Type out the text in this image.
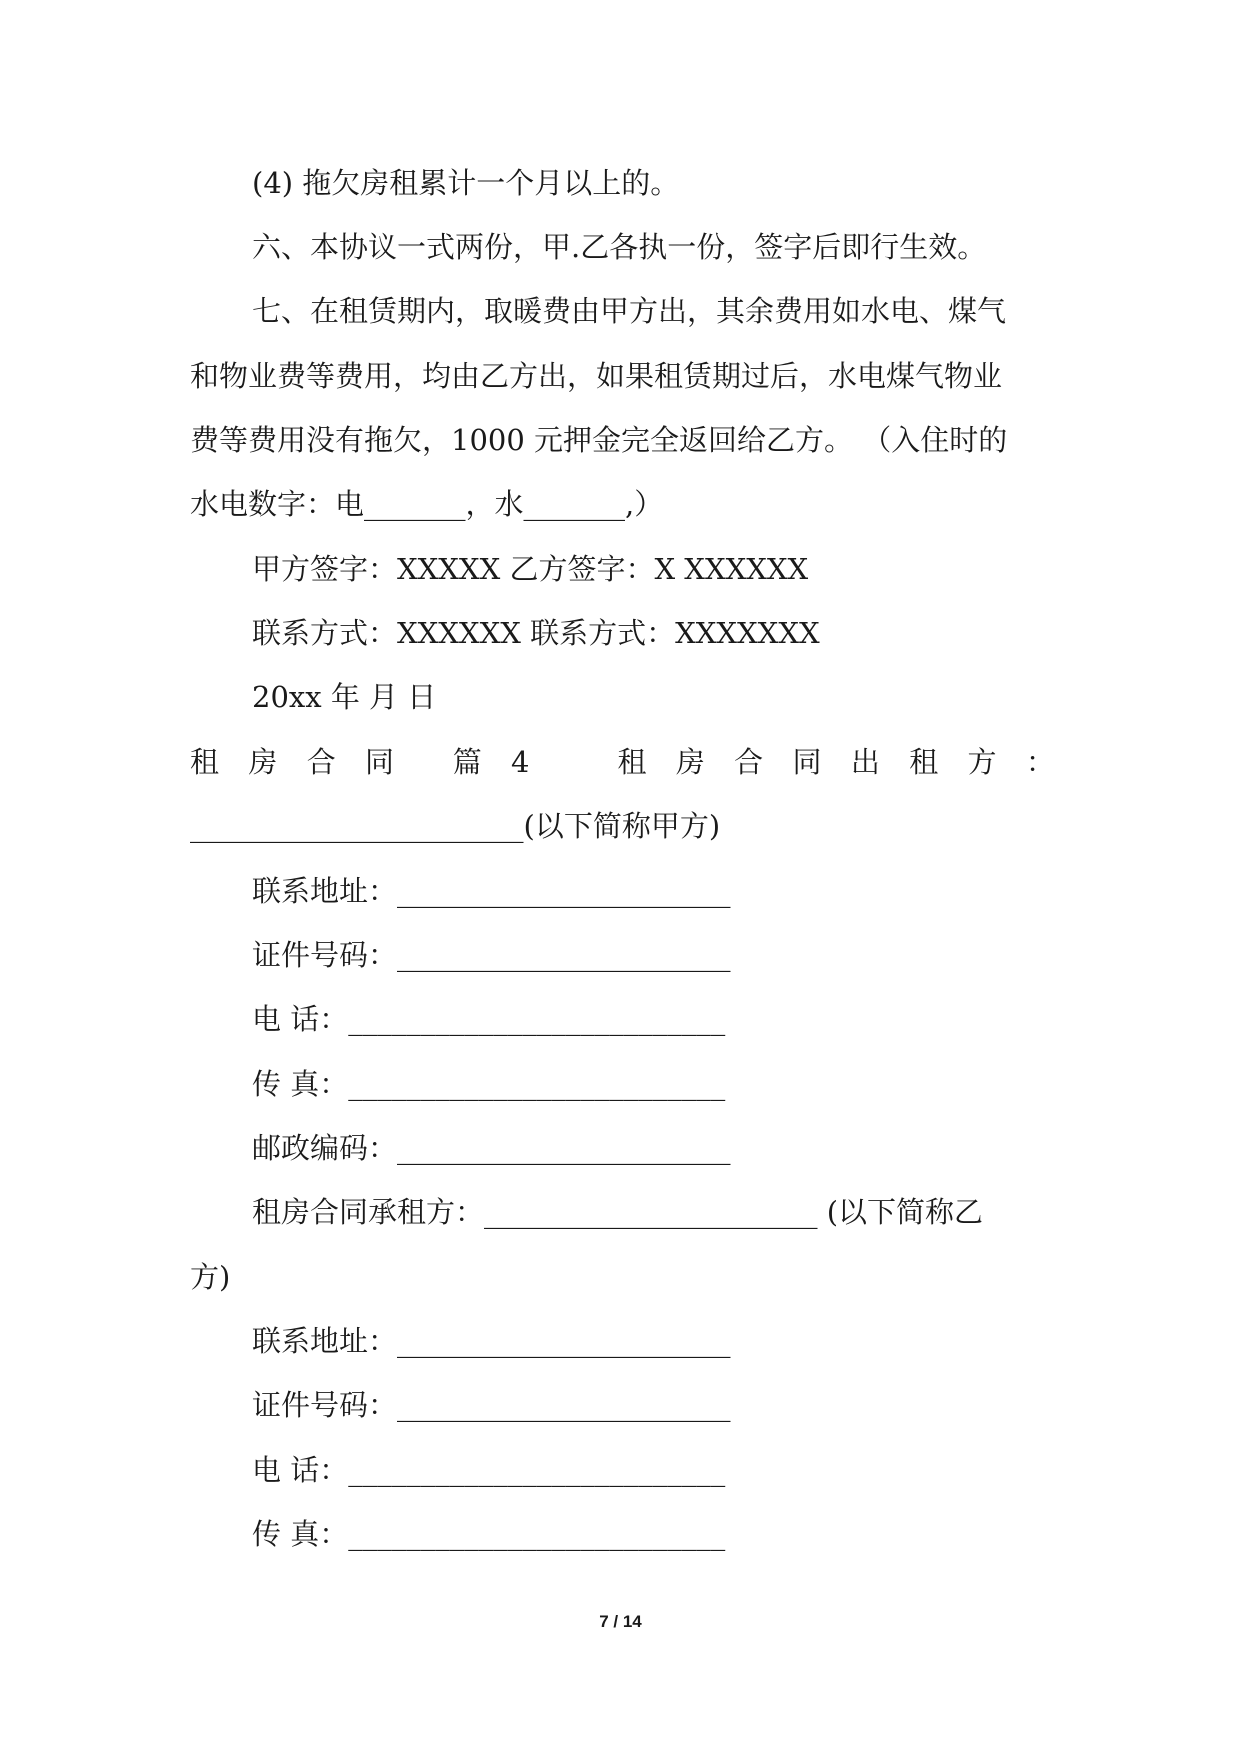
(4) 拖欠房租累计一个月以上的。
六、本协议一式两份，甲.乙各执一份，签字后即行生效。
七、在租赁期内，取暖费由甲方出，其余费用如水电、煤气
和物业费等费用，均由乙方出，如果租赁期过后，水电煤气物业
费等费用没有拖欠，1000 元押金完全返回给乙方。 （入住时的
水电数字：电_______，水_______,）
甲方签字：XXXXX 乙方签字：X XXXXXX
联系方式：XXXXXX 联系方式：XXXXXXX
20xx 年 月 日
租 房 合 同 篇 4	租 房 合 同 出 租 方 ：
_______________________(以下简称甲方)
联系地址：_______________________
证件号码：_______________________
电 话：__________________________
传 真：__________________________
邮政编码：_______________________
租房合同承租方：_______________________ (以下简称乙
方)
联系地址：_______________________
证件号码：_______________________
电 话：__________________________
传 真：__________________________
7 / 14
